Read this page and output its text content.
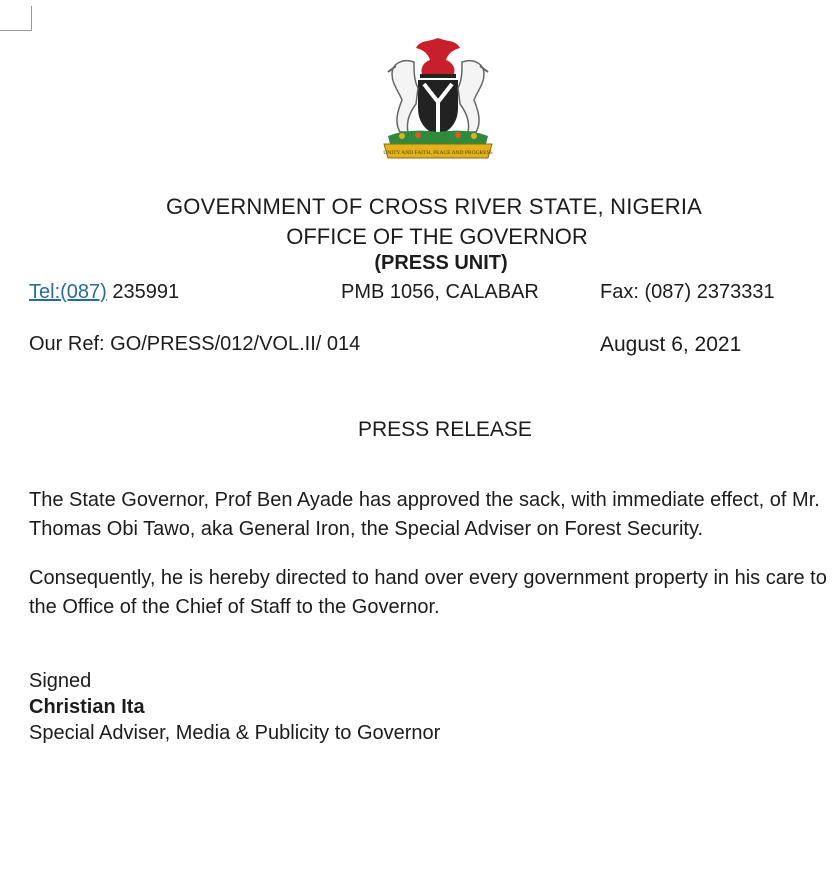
UNITY AND FAITH, PEACE AND PROGRESS
GOVERNMENT OF CROSS RIVER STATE, NIGERIA
OFFICE OF THE GOVERNOR
(PRESS UNIT)
Tel:(087) 235991	PMB 1056, CALABAR	Fax: (087) 2373331
Our Ref: GO/PRESS/012/VOL.II/ 014	August 6, 2021
PRESS RELEASE

The State Governor, Prof Ben Ayade has approved the sack, with immediate effect, of Mr. Thomas Obi Tawo, aka General Iron, the Special Adviser on Forest Security.

Consequently, he is hereby directed to hand over every government property in his care to the Office of the Chief of Staff to the Governor.

Signed
Christian Ita
Special Adviser, Media & Publicity to Governor
